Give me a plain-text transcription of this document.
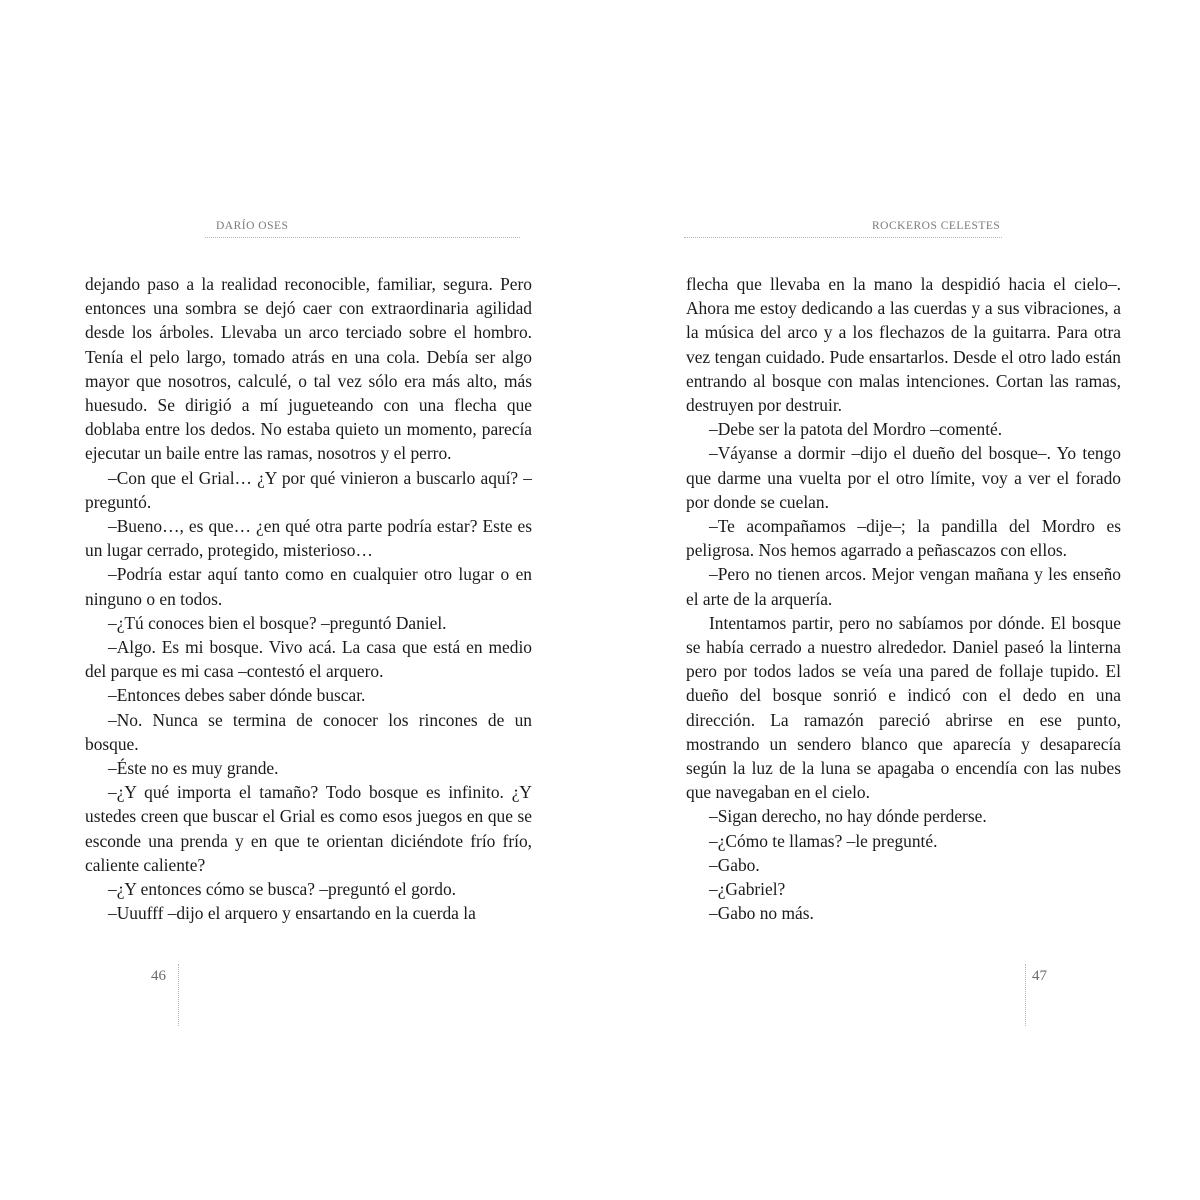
DARÍO OSES

dejando paso a la realidad reconocible, familiar, segura. Pero entonces una sombra se dejó caer con extraordinaria agilidad desde los árboles. Llevaba un arco terciado sobre el hombro. Tenía el pelo largo, tomado atrás en una cola. Debía ser algo mayor que nosotros, calculé, o tal vez sólo era más alto, más huesudo. Se dirigió a mí jugueteando con una flecha que doblaba entre los dedos. No estaba quieto un momento, parecía ejecutar un baile entre las ramas, nosotros y el perro.

–Con que el Grial… ¿Y por qué vinieron a buscarlo aquí? –preguntó.

–Bueno…, es que… ¿en qué otra parte podría estar? Este es un lugar cerrado, protegido, misterioso…

–Podría estar aquí tanto como en cualquier otro lugar o en ninguno o en todos.

–¿Tú conoces bien el bosque? –preguntó Daniel.

–Algo. Es mi bosque. Vivo acá. La casa que está en medio del parque es mi casa –contestó el arquero.

–Entonces debes saber dónde buscar.

–No. Nunca se termina de conocer los rincones de un bosque.

–Éste no es muy grande.

–¿Y qué importa el tamaño? Todo bosque es infinito. ¿Y ustedes creen que buscar el Grial es como esos juegos en que se esconde una prenda y en que te orientan diciéndote frío frío, caliente caliente?

–¿Y entonces cómo se busca? –preguntó el gordo.

–Uuufff –dijo el arquero y ensartando en la cuerda la

46
ROCKEROS CELESTES

flecha que llevaba en la mano la despidió hacia el cielo–. Ahora me estoy dedicando a las cuerdas y a sus vibraciones, a la música del arco y a los flechazos de la guitarra. Para otra vez tengan cuidado. Pude ensartarlos. Desde el otro lado están entrando al bosque con malas intenciones. Cortan las ramas, destruyen por destruir.

–Debe ser la patota del Mordro –comenté.

–Váyanse a dormir –dijo el dueño del bosque–. Yo tengo que darme una vuelta por el otro límite, voy a ver el forado por donde se cuelan.

–Te acompañamos –dije–; la pandilla del Mordro es peligrosa. Nos hemos agarrado a peñascazos con ellos.

–Pero no tienen arcos. Mejor vengan mañana y les enseño el arte de la arquería.

Intentamos partir, pero no sabíamos por dónde. El bosque se había cerrado a nuestro alrededor. Daniel paseó la linterna pero por todos lados se veía una pared de follaje tupido. El dueño del bosque sonrió e indicó con el dedo en una dirección. La ramazón pareció abrirse en ese punto, mostrando un sendero blanco que aparecía y desaparecía según la luz de la luna se apagaba o encendía con las nubes que navegaban en el cielo.

–Sigan derecho, no hay dónde perderse.

–¿Cómo te llamas? –le pregunté.

–Gabo.

–¿Gabriel?

–Gabo no más.

47
